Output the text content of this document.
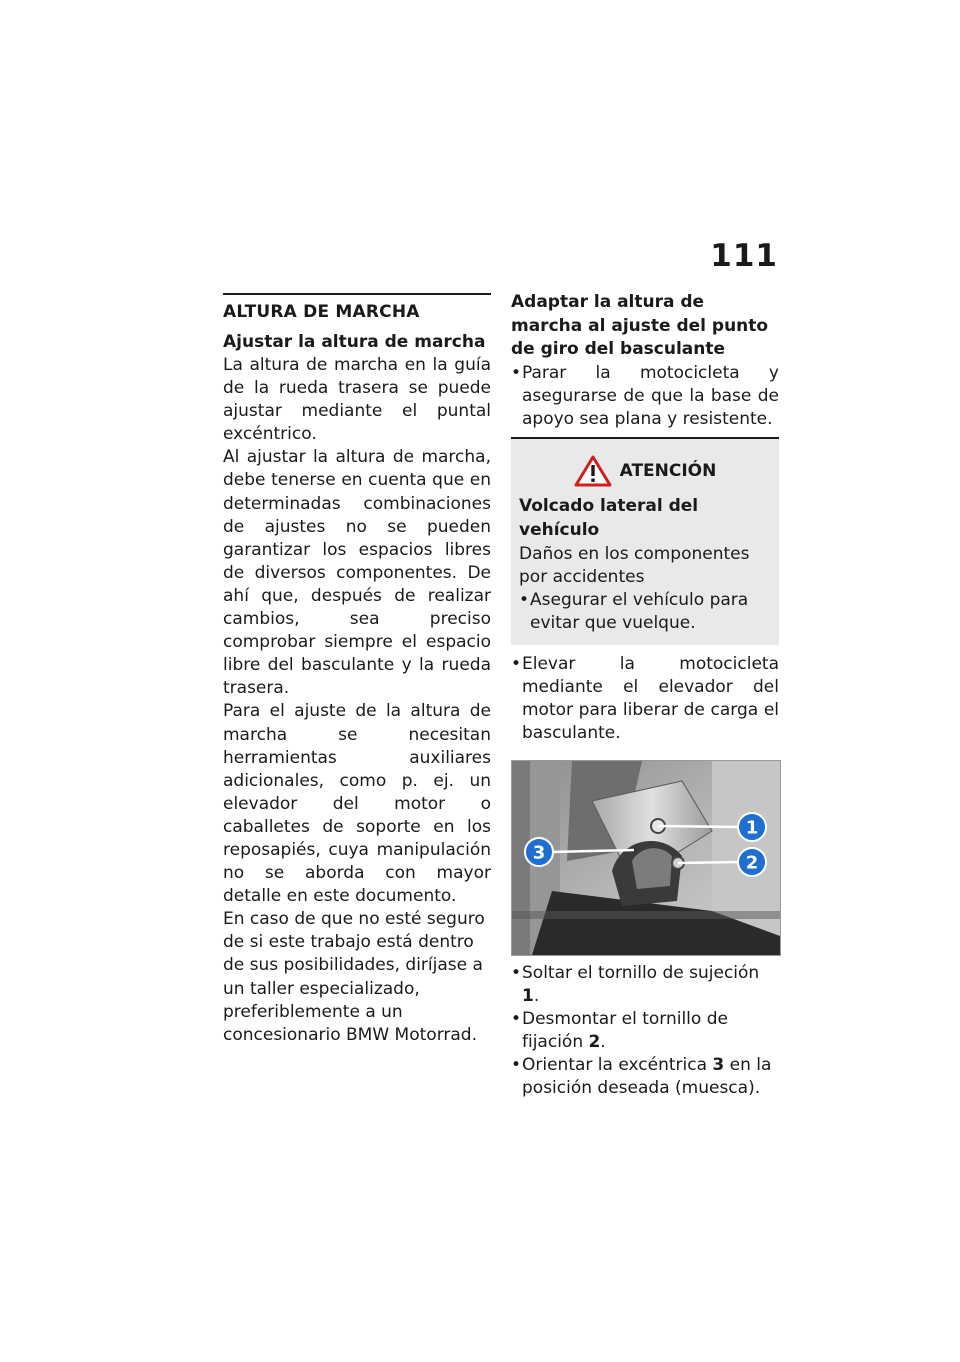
111
ALTURA DE MARCHA
Ajustar la altura de marcha

La altura de marcha en la guía de la rueda trasera se puede ajustar mediante el puntal excéntrico.

Al ajustar la altura de marcha, debe tenerse en cuenta que en determinadas combinaciones de ajustes no se pueden garantizar los espacios libres de diversos componentes. De ahí que, después de realizar cambios, sea preciso comprobar siempre el espacio libre del basculante y la rueda trasera.

Para el ajuste de la altura de marcha se necesitan herramientas auxiliares adicionales, como p. ej. un elevador del motor o caballetes de soporte en los reposapiés, cuya manipulación no se aborda con mayor detalle en este documento.

En caso de que no esté seguro de si este trabajo está dentro de sus posibilidades, diríjase a un taller especializado, preferiblemente a un concesionario BMW Motorrad.

Adaptar la altura de marcha al ajuste del punto de giro del basculante
• Parar la motocicleta y asegurarse de que la base de apoyo sea plana y resistente.
ATENCIÓN
Volcado lateral del vehículo
Daños en los componentes por accidentes
• Asegurar el vehículo para evitar que vuelque.
• Elevar la motocicleta mediante el elevador del motor para liberar de carga el basculante.
1
2
3
• Soltar el tornillo de sujeción 1.
• Desmontar el tornillo de fijación 2.
• Orientar la excéntrica 3 en la posición deseada (muesca).
